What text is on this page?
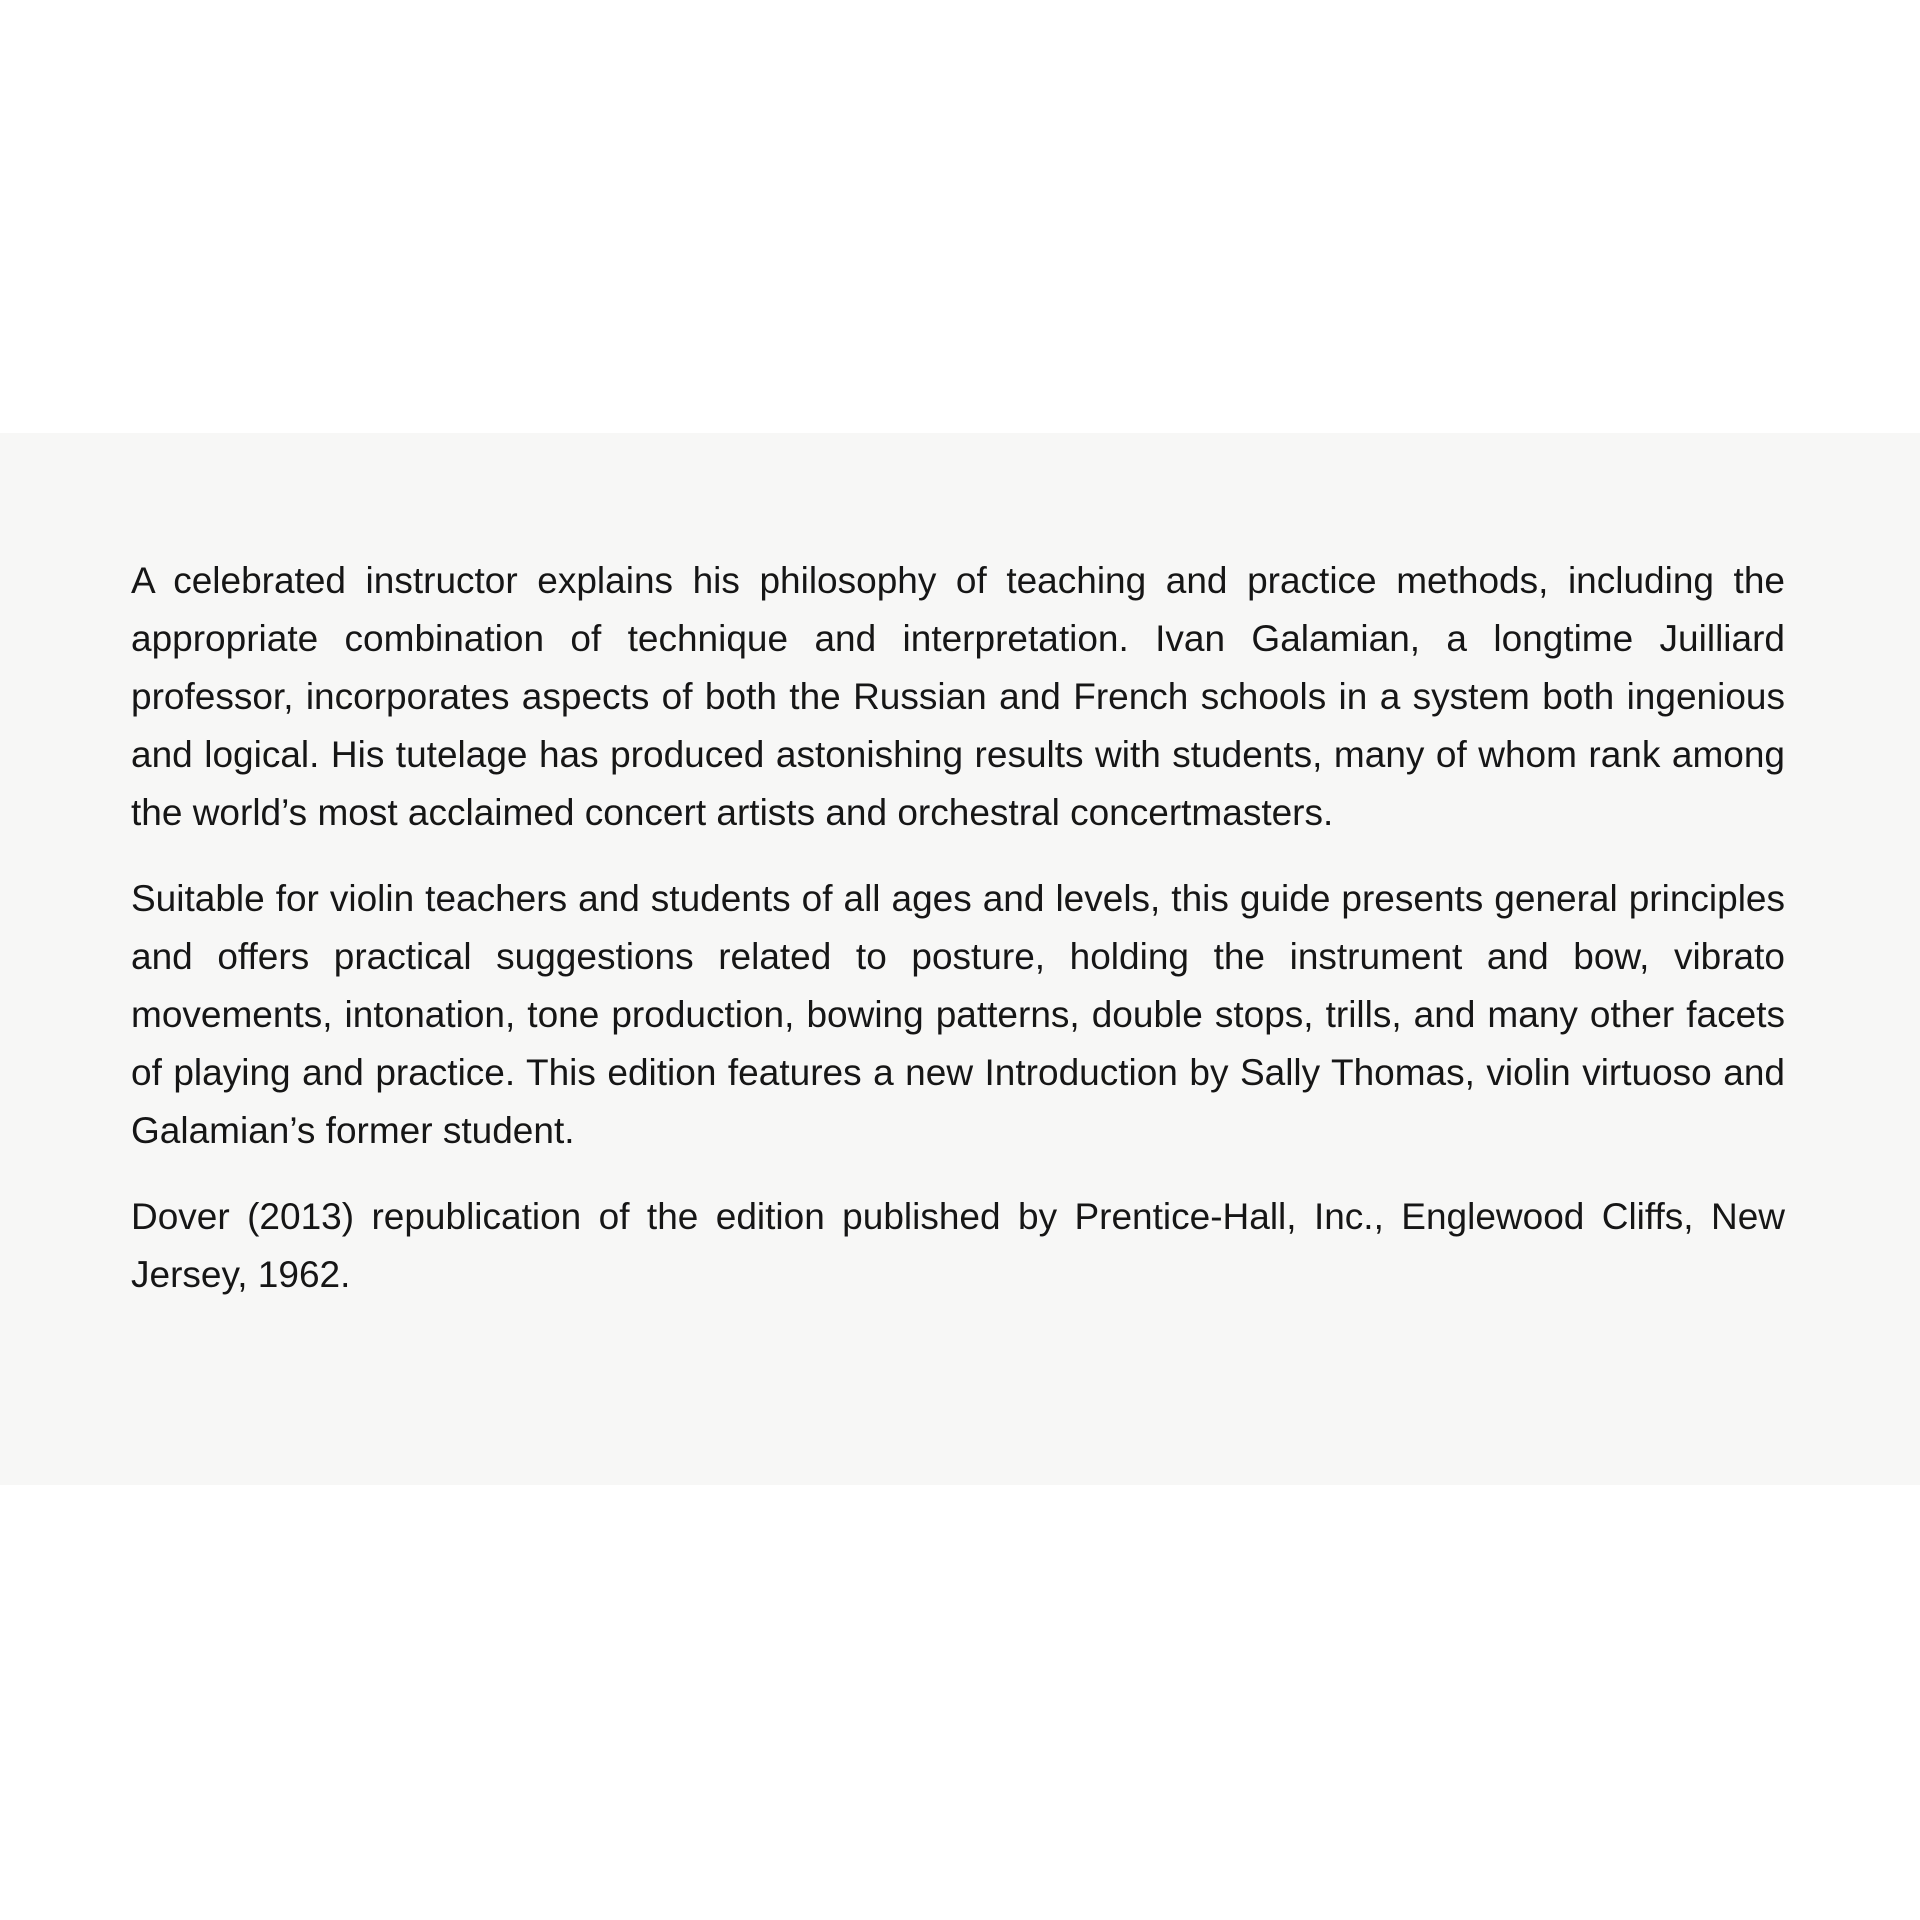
A celebrated instructor explains his philosophy of teaching and practice methods, including the appropriate combination of technique and interpretation. Ivan Galamian, a longtime Juilliard professor, incorporates aspects of both the Russian and French schools in a system both ingenious and logical. His tutelage has produced astonishing results with students, many of whom rank among the world’s most acclaimed concert artists and orchestral concertmasters.

Suitable for violin teachers and students of all ages and levels, this guide presents general principles and offers practical suggestions related to posture, holding the instrument and bow, vibrato movements, intonation, tone production, bowing patterns, double stops, trills, and many other facets of playing and practice. This edition features a new Introduction by Sally Thomas, violin virtuoso and Galamian’s former student.

Dover (2013) republication of the edition published by Prentice-Hall, Inc., Englewood Cliffs, New Jersey, 1962.
